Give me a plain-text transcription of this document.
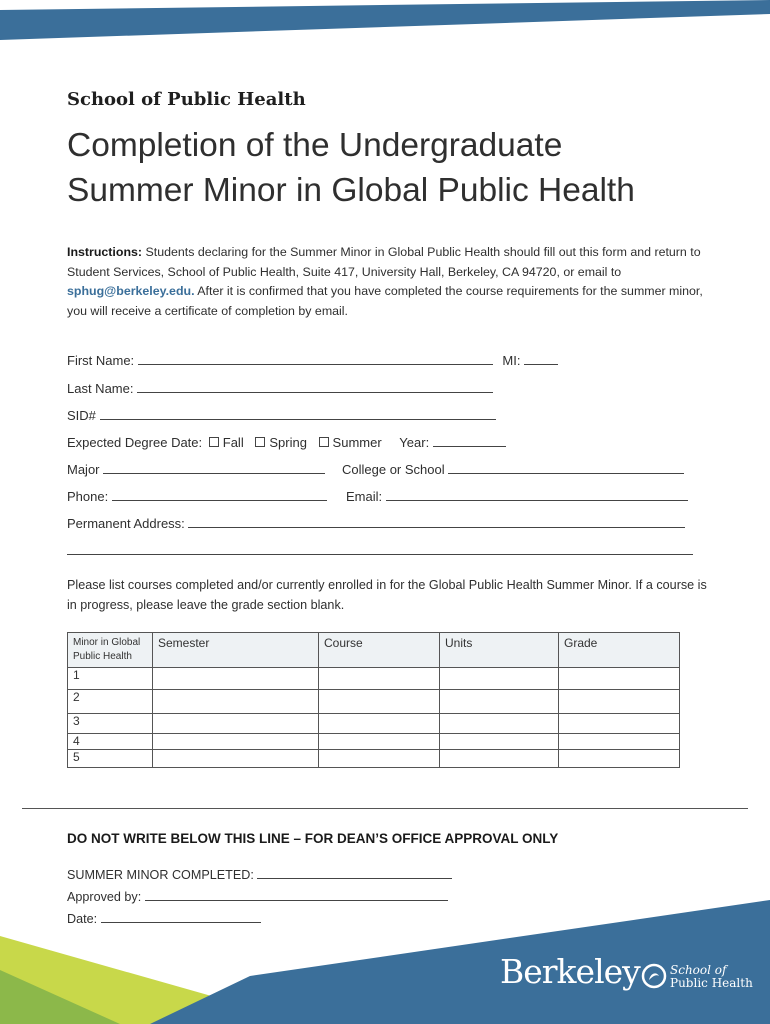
School of Public Health
Completion of the Undergraduate
Summer Minor in Global Public Health
Instructions: Students declaring for the Summer Minor in Global Public Health should fill out this form and return to Student Services, School of Public Health, Suite 417, University Hall, Berkeley, CA 94720, or email to sphug@berkeley.edu. After it is confirmed that you have completed the course requirements for the summer minor, you will receive a certificate of completion by email.
First Name:	MI:
Last Name:
SID#
Expected Degree Date: Fall Spring Summer Year:
Major	College or School
Phone:	Email:
Permanent Address:
Please list courses completed and/or currently enrolled in for the Global Public Health Summer Minor. If a course is in progress, please leave the grade section blank.
Minor in Global Public Health	Semester	Course	Units	Grade
1				
2				
3				
4				
5				
DO NOT WRITE BELOW THIS LINE – FOR DEAN’S OFFICE APPROVAL ONLY
SUMMER MINOR COMPLETED:
Approved by:
Date:
Berkeley	School of
Public Health
